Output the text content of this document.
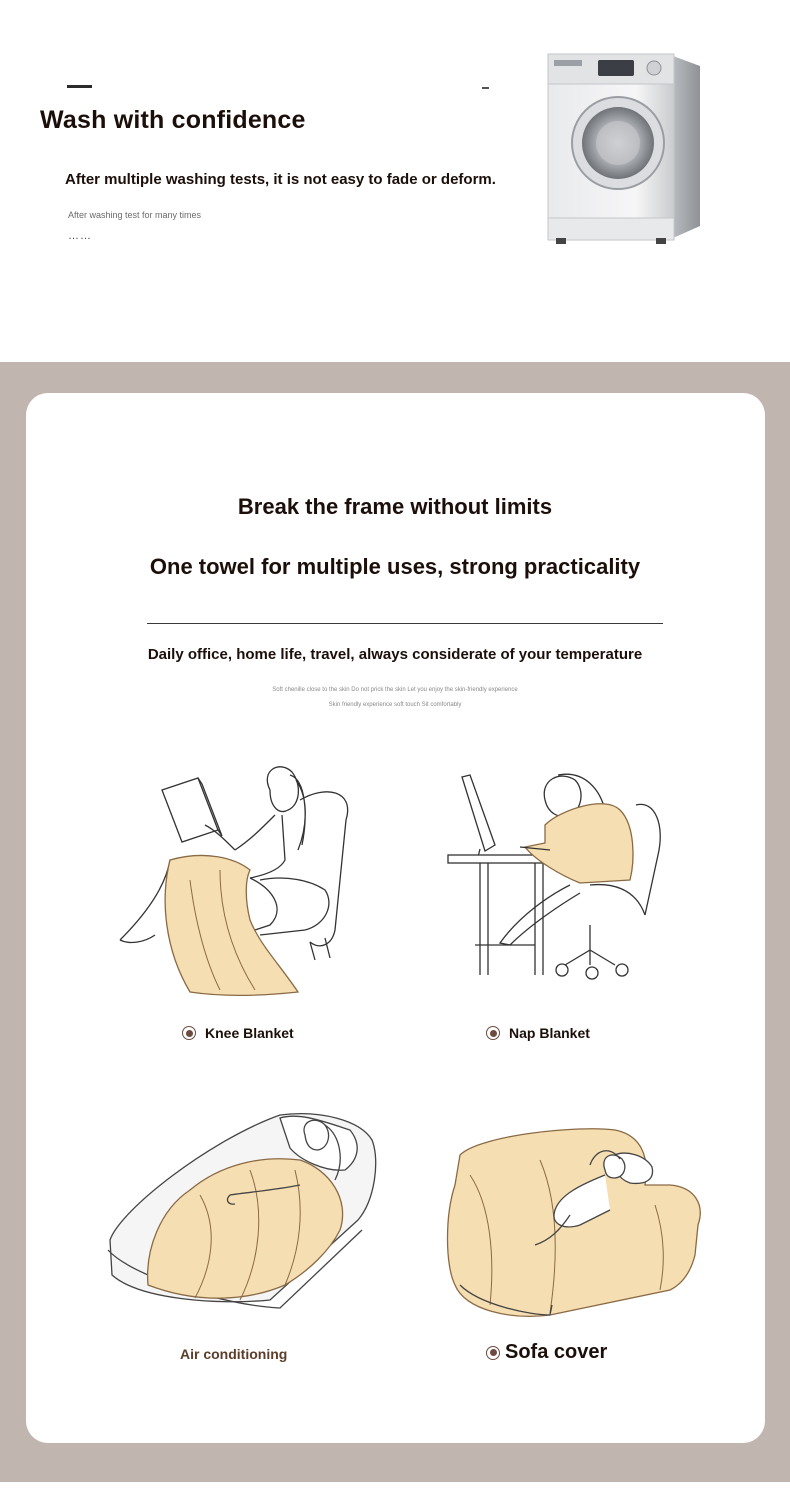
Wash with confidence
After multiple washing tests, it is not easy to fade or deform.
After washing test for many times
……
Break the frame without limits
One towel for multiple uses, strong practicality
Daily office, home life, travel, always considerate of your temperature
Soft chenille close to the skin Do not prick the skin Let you enjoy the skin-friendly experience
Skin friendly experience soft touch Sit comfortably
Knee Blanket	Nap Blanket
Air conditioning	Sofa cover
